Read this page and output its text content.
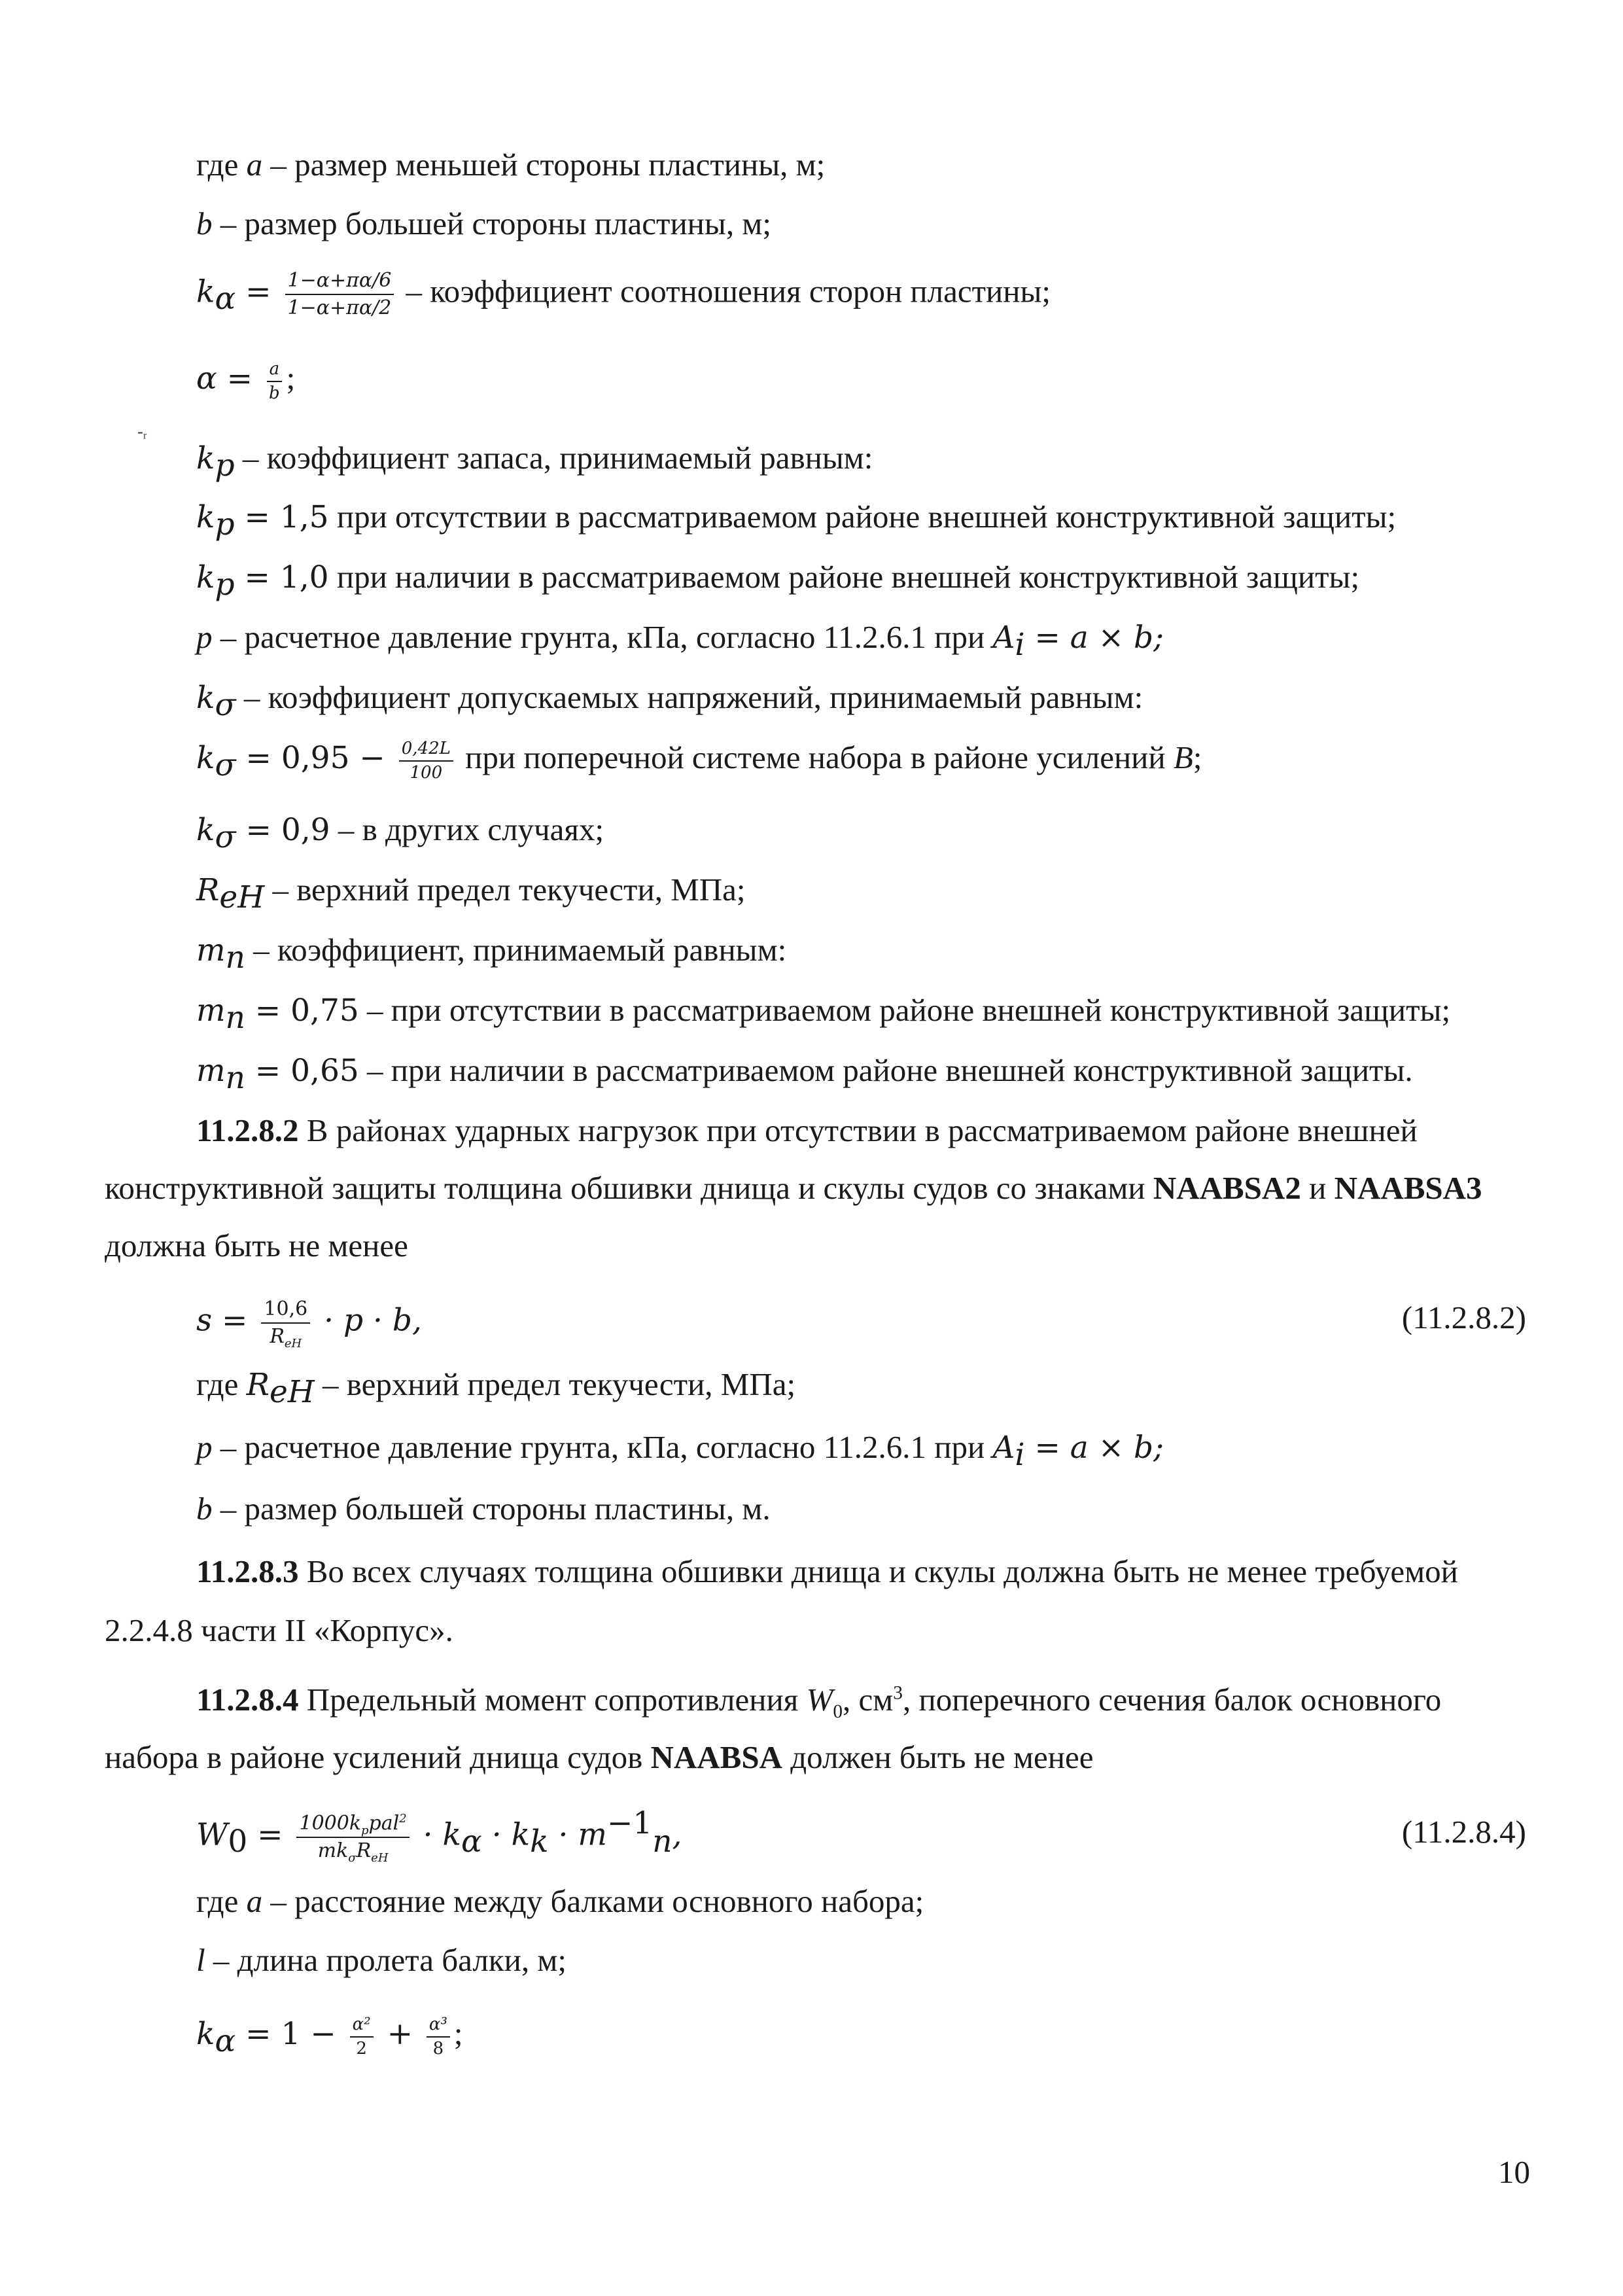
где a – размер меньшей стороны пластины, м;
b – размер большей стороны пластины, м;
$k_\alpha = \frac{1-\alpha+\pi\alpha/6}{1-\alpha+\pi\alpha/2}$ – коэффициент соотношения сторон пластины;
$\alpha = \frac{a}{b}$ ;
-ᵣ
$k_p$ – коэффициент запаса, принимаемый равным:
$k_p = 1,5$ при отсутствии в рассматриваемом районе внешней конструктивной защиты;
$k_p = 1,0$ при наличии в рассматриваемом районе внешней конструктивной защиты;
p – расчетное давление грунта, кПа, согласно 11.2.6.1 при $A_i = a \times b$;
$k_\sigma$ – коэффициент допускаемых напряжений, принимаемый равным:
$k_\sigma = 0,95 - \frac{0,42L}{100}$ при поперечной системе набора в районе усилений B;
$k_\sigma = 0,9 - в$ других случаях;
$R_{eH}$ – верхний предел текучести, МПа;
$m_n$ – коэффициент, принимаемый равным:
$m_n = 0,75$ – при отсутствии в рассматриваемом районе внешней конструктивной защиты;
$m_n = 0,65$ – при наличии в рассматриваемом районе внешней конструктивной защиты.
11.2.8.2 В районах ударных нагрузок при отсутствии в рассматриваемом районе внешней
конструктивной защиты толщина обшивки днища и скулы судов со знаками NAABSA2 и NAABSA3
должна быть не менее
$s = \frac{10,6}{R_{eH}} \cdot p \cdot b$,	(11.2.8.2)
где $R_{eH}$ – верхний предел текучести, МПа;
p – расчетное давление грунта, кПа, согласно 11.2.6.1 при $A_i = a \times b$;
b – размер большей стороны пластины, м.
11.2.8.3 Во всех случаях толщина обшивки днища и скулы должна быть не менее требуемой
2.2.4.8 части II «Корпус».
11.2.8.4 Предельный момент сопротивления $W_0$, $см^3$, поперечного сечения балок основного
набора в районе усилений днища судов NAABSA должен быть не менее
$W_0 = \frac{1000k_ppal^2}{mk_\sigma R_{eH}} \cdot k_\alpha \cdot k_k \cdot m^{-1}_n$,	(11.2.8.4)
где a – расстояние между балками основного набора;
l – длина пролета балки, м;
$k_\alpha = 1 - \frac{\text{α²}}{2} + \frac{\text{α³}}{8}$ ;
10
